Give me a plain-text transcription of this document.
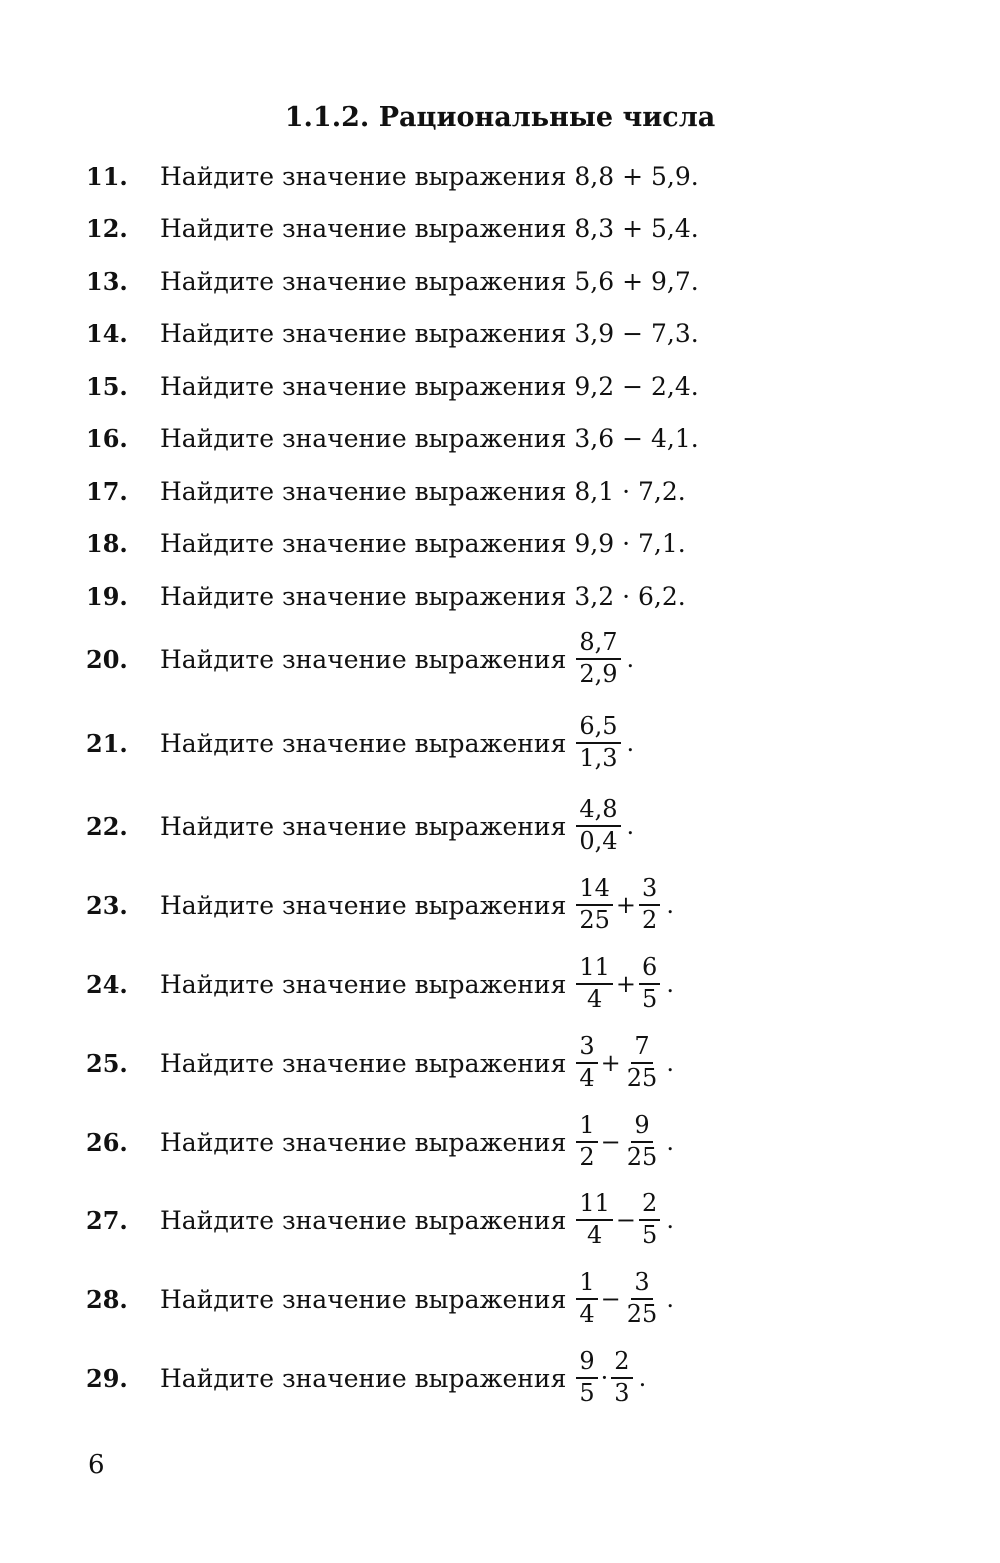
1.1.2. Рациональные числа
11.	Найдите значение выражения 8,8 + 5,9.
12.	Найдите значение выражения 8,3 + 5,4.
13.	Найдите значение выражения 5,6 + 9,7.
14.	Найдите значение выражения 3,9 − 7,3.
15.	Найдите значение выражения 9,2 − 2,4.
16.	Найдите значение выражения 3,6 − 4,1.
17.	Найдите значение выражения 8,1 · 7,2.
18.	Найдите значение выражения 9,9 · 7,1.
19.	Найдите значение выражения 3,2 · 6,2.
20.	Найдите значение выражения $\frac{8,7}{2,9}$ .
21.	Найдите значение выражения $\frac{6,5}{1,3}$ .
22.	Найдите значение выражения $\frac{4,8}{0,4}$ .
23.	Найдите значение выражения $\frac{14}{25} + \frac{3}{2}$ .
24.	Найдите значение выражения $\frac{11}{4} + \frac{6}{5}$ .
25.	Найдите значение выражения $\frac{3}{4} + \frac{7}{25}$ .
26.	Найдите значение выражения $\frac{1}{2} - \frac{9}{25}$ .
27.	Найдите значение выражения $\frac{11}{4} - \frac{2}{5}$ .
28.	Найдите значение выражения $\frac{1}{4} - \frac{3}{25}$ .
29.	Найдите значение выражения $\frac{9}{5} \cdot \frac{2}{3}$ .
6
